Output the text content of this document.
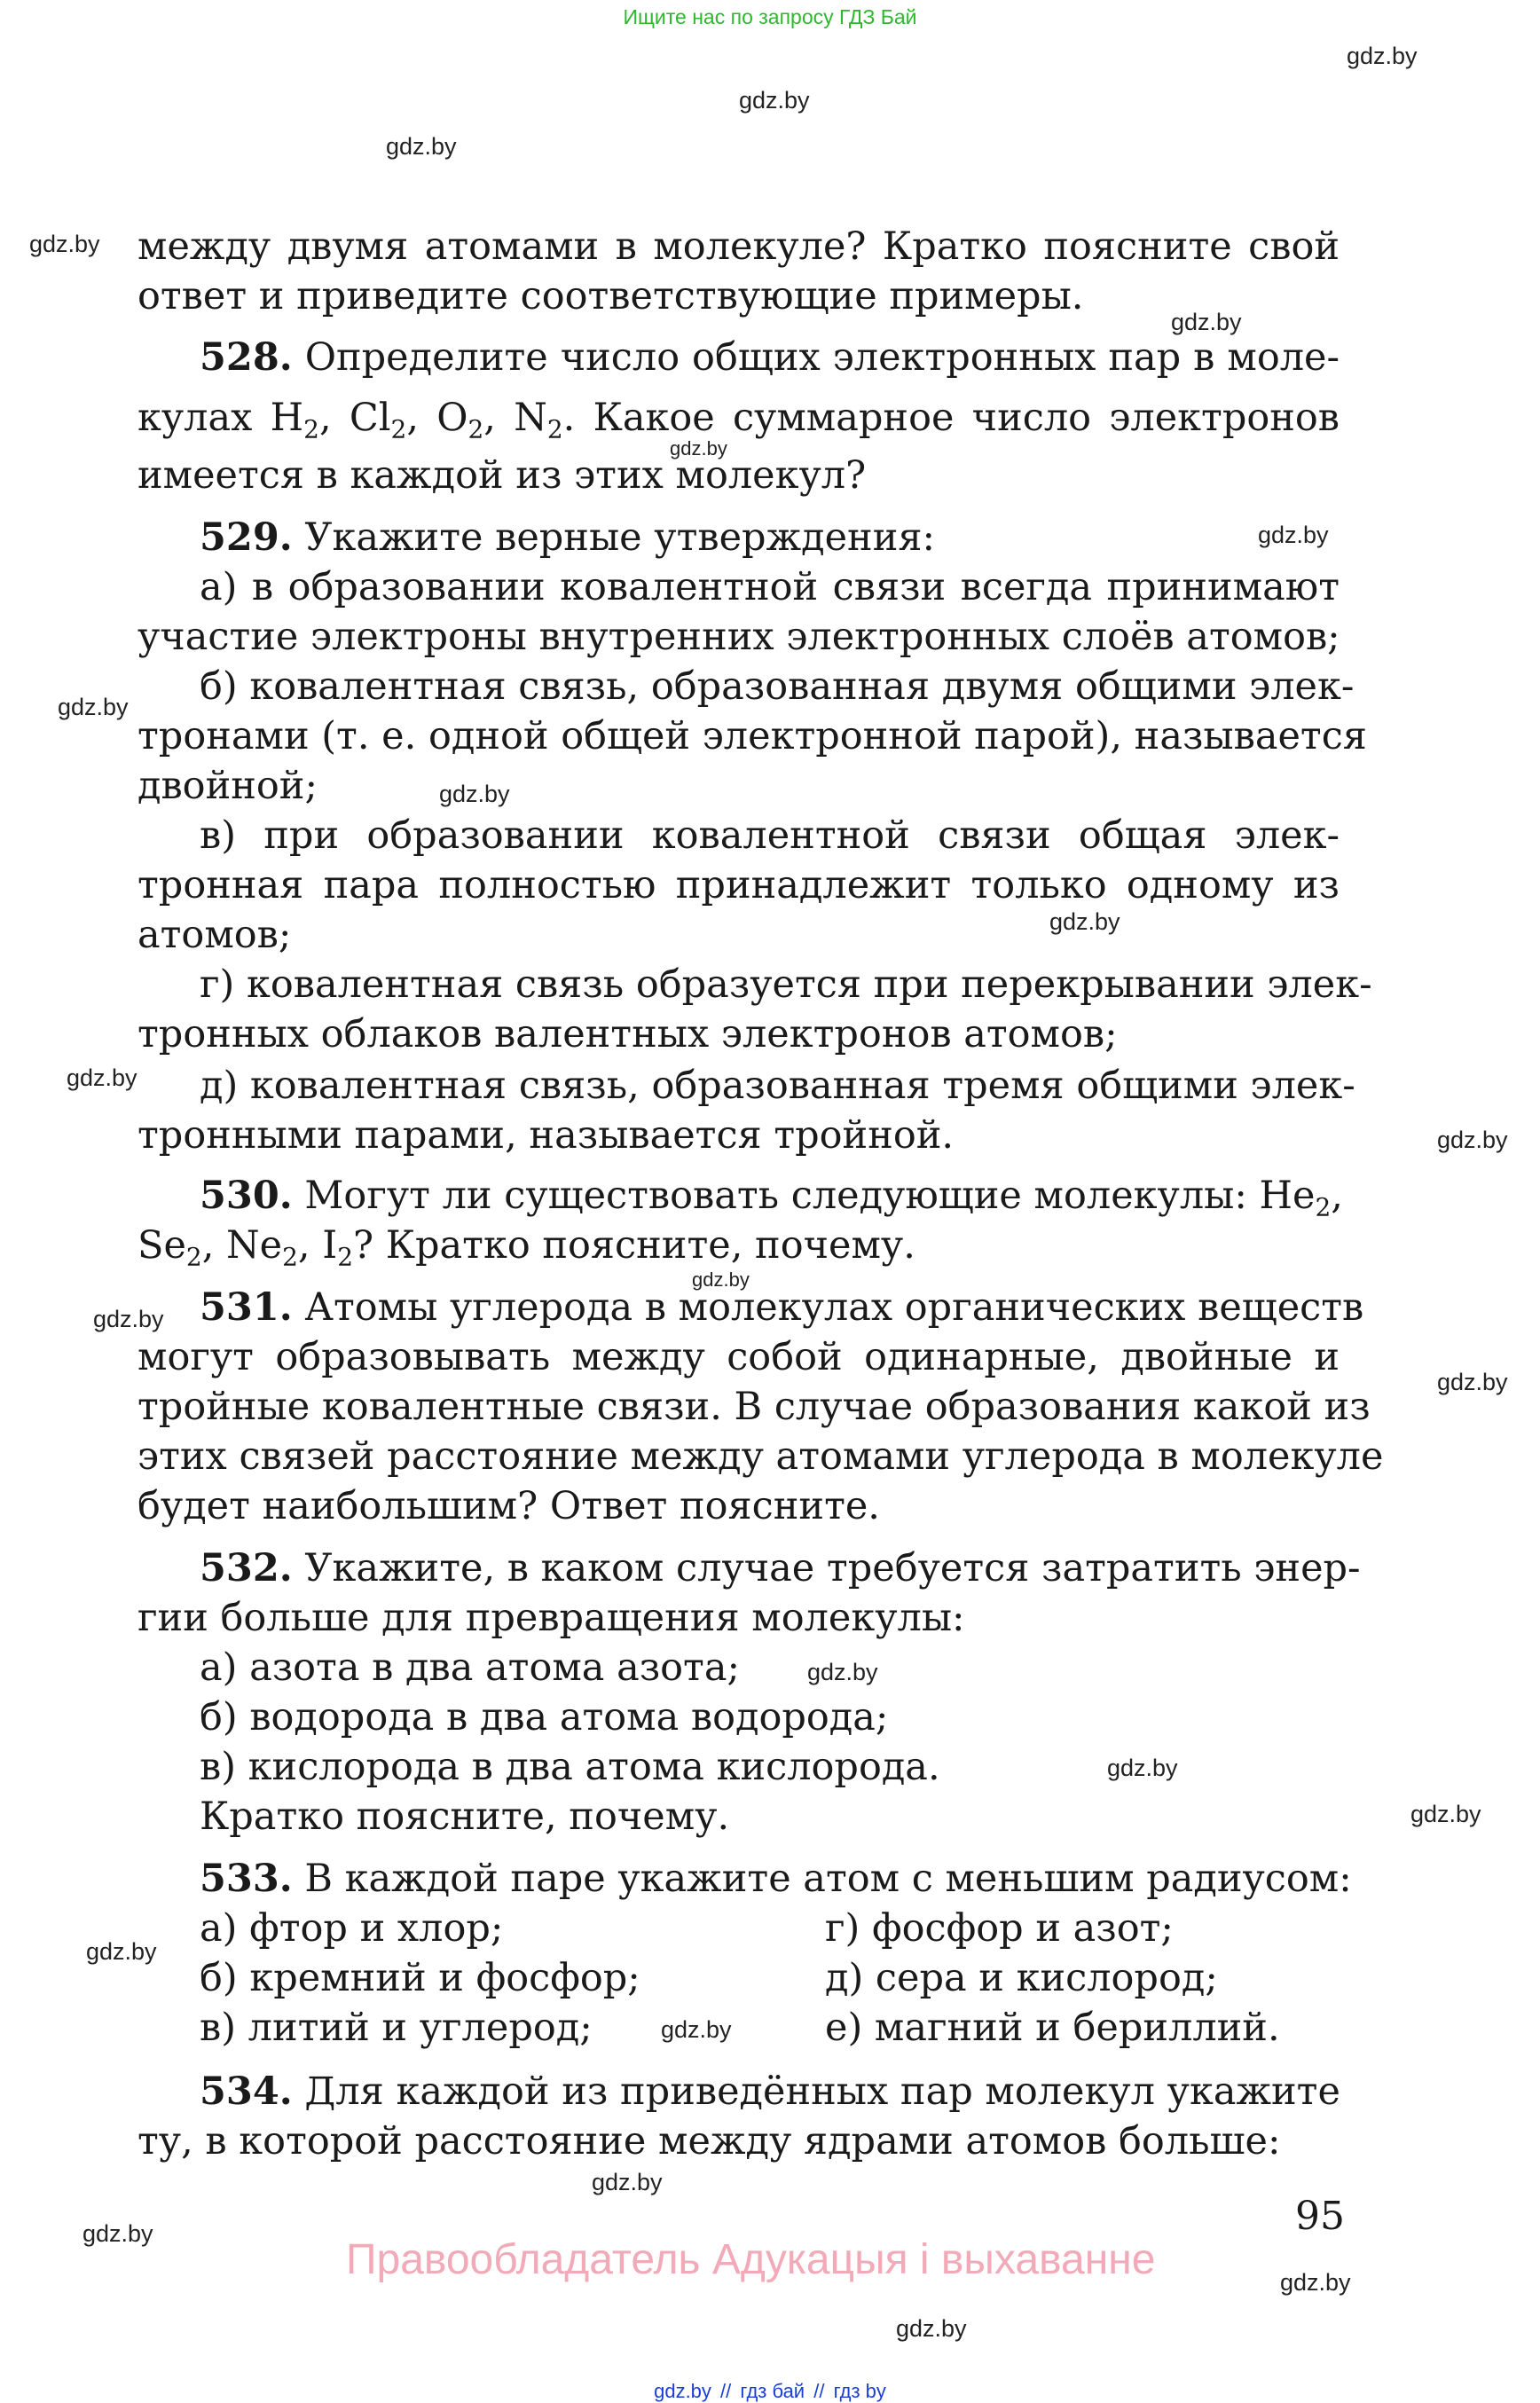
Ищите нас по запросу ГДЗ Бай
gdz.by
gdz.by
gdz.by
gdz.by
gdz.by
gdz.by
gdz.by
gdz.by
gdz.by
gdz.by
gdz.by
gdz.by
gdz.by
gdz.by
gdz.by
gdz.by
gdz.by
gdz.by
gdz.by
gdz.by
gdz.by
gdz.by
gdz.by
gdz.by
между двумя атомами в молекуле? Кратко поясните свой
ответ и приведите соответствующие примеры.
528. Определите число общих электронных пар в моле-
кулах $H_2$, $Cl_2$, $O_2$, $N_2$. Какое суммарное число электронов
имеется в каждой из этих молекул?
529. Укажите верные утверждения:
а) в образовании ковалентной связи всегда принимают
участие электроны внутренних электронных слоёв атомов;
б) ковалентная связь, образованная двумя общими элек-
тронами (т. е. одной общей электронной парой), называется
двойной;
в) при образовании ковалентной связи общая элек-
тронная пара полностью принадлежит только одному из
атомов;
г) ковалентная связь образуется при перекрывании элек-
тронных облаков валентных электронов атомов;
д) ковалентная связь, образованная тремя общими элек-
тронными парами, называется тройной.
530. Могут ли существовать следующие молекулы: $He_2$,
$Se_2$, $Ne_2$, $I_2$? Кратко поясните, почему.
531. Атомы углерода в молекулах органических веществ
могут образовывать между собой одинарные, двойные и
тройные ковалентные связи. В случае образования какой из
этих связей расстояние между атомами углерода в молекуле
будет наибольшим? Ответ поясните.
532. Укажите, в каком случае требуется затратить энер-
гии больше для превращения молекулы:
а) азота в два атома азота;
б) водорода в два атома водорода;
в) кислорода в два атома кислорода.
Кратко поясните, почему.
533. В каждой паре укажите атом с меньшим радиусом:
а) фтор и хлор;	г) фосфор и азот;
б) кремний и фосфор;	д) сера и кислород;
в) литий и углерод;	е) магний и бериллий.
534. Для каждой из приведённых пар молекул укажите
ту, в которой расстояние между ядрами атомов больше:
95
Правообладатель Адукацыя і выхаванне
gdz.by // гдз бай // гдз by
